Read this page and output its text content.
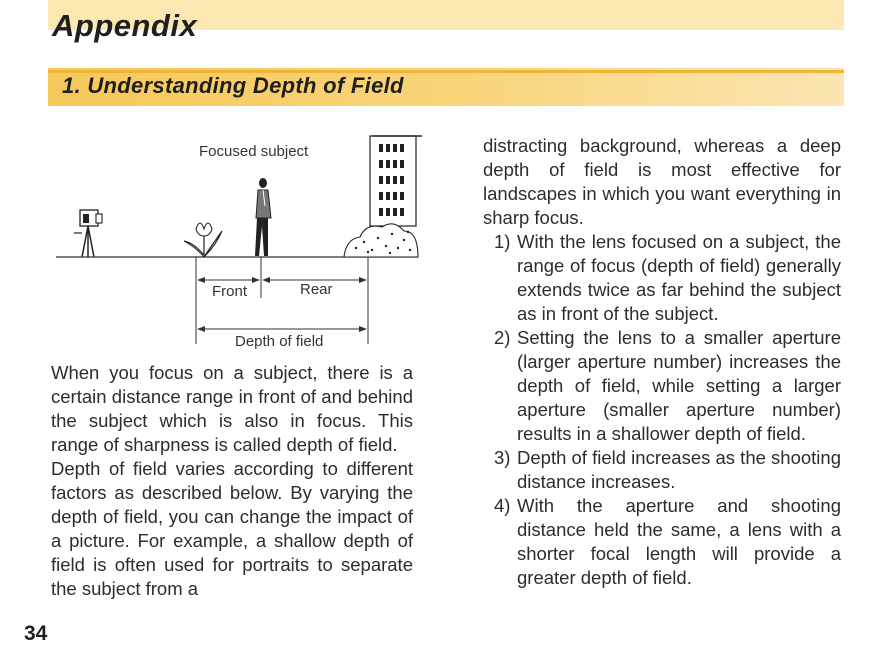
Appendix
1. Understanding Depth of Field
Focused subject
Front	Rear
Depth of field

When you focus on a subject, there is a certain distance range in front of and behind the subject which is also in focus. This range of sharpness is called depth of field.

Depth of field varies according to different factors as described below. By varying the depth of field, you can change the impact of a picture. For example, a shallow depth of field is often used for portraits to separate the subject from a

distracting background, whereas a deep depth of field is most effective for landscapes in which you want everything in sharp focus.

1) With the lens focused on a subject, the range of focus (depth of field) generally extends twice as far behind the subject as in front of the subject.
2) Setting the lens to a smaller aperture (larger aperture number) increases the depth of field, while setting a larger aperture (smaller aperture number) results in a shallower depth of field.
3) Depth of field increases as the shooting distance increases.
4) With the aperture and shooting distance held the same, a lens with a shorter focal length will provide a greater depth of field.
34
